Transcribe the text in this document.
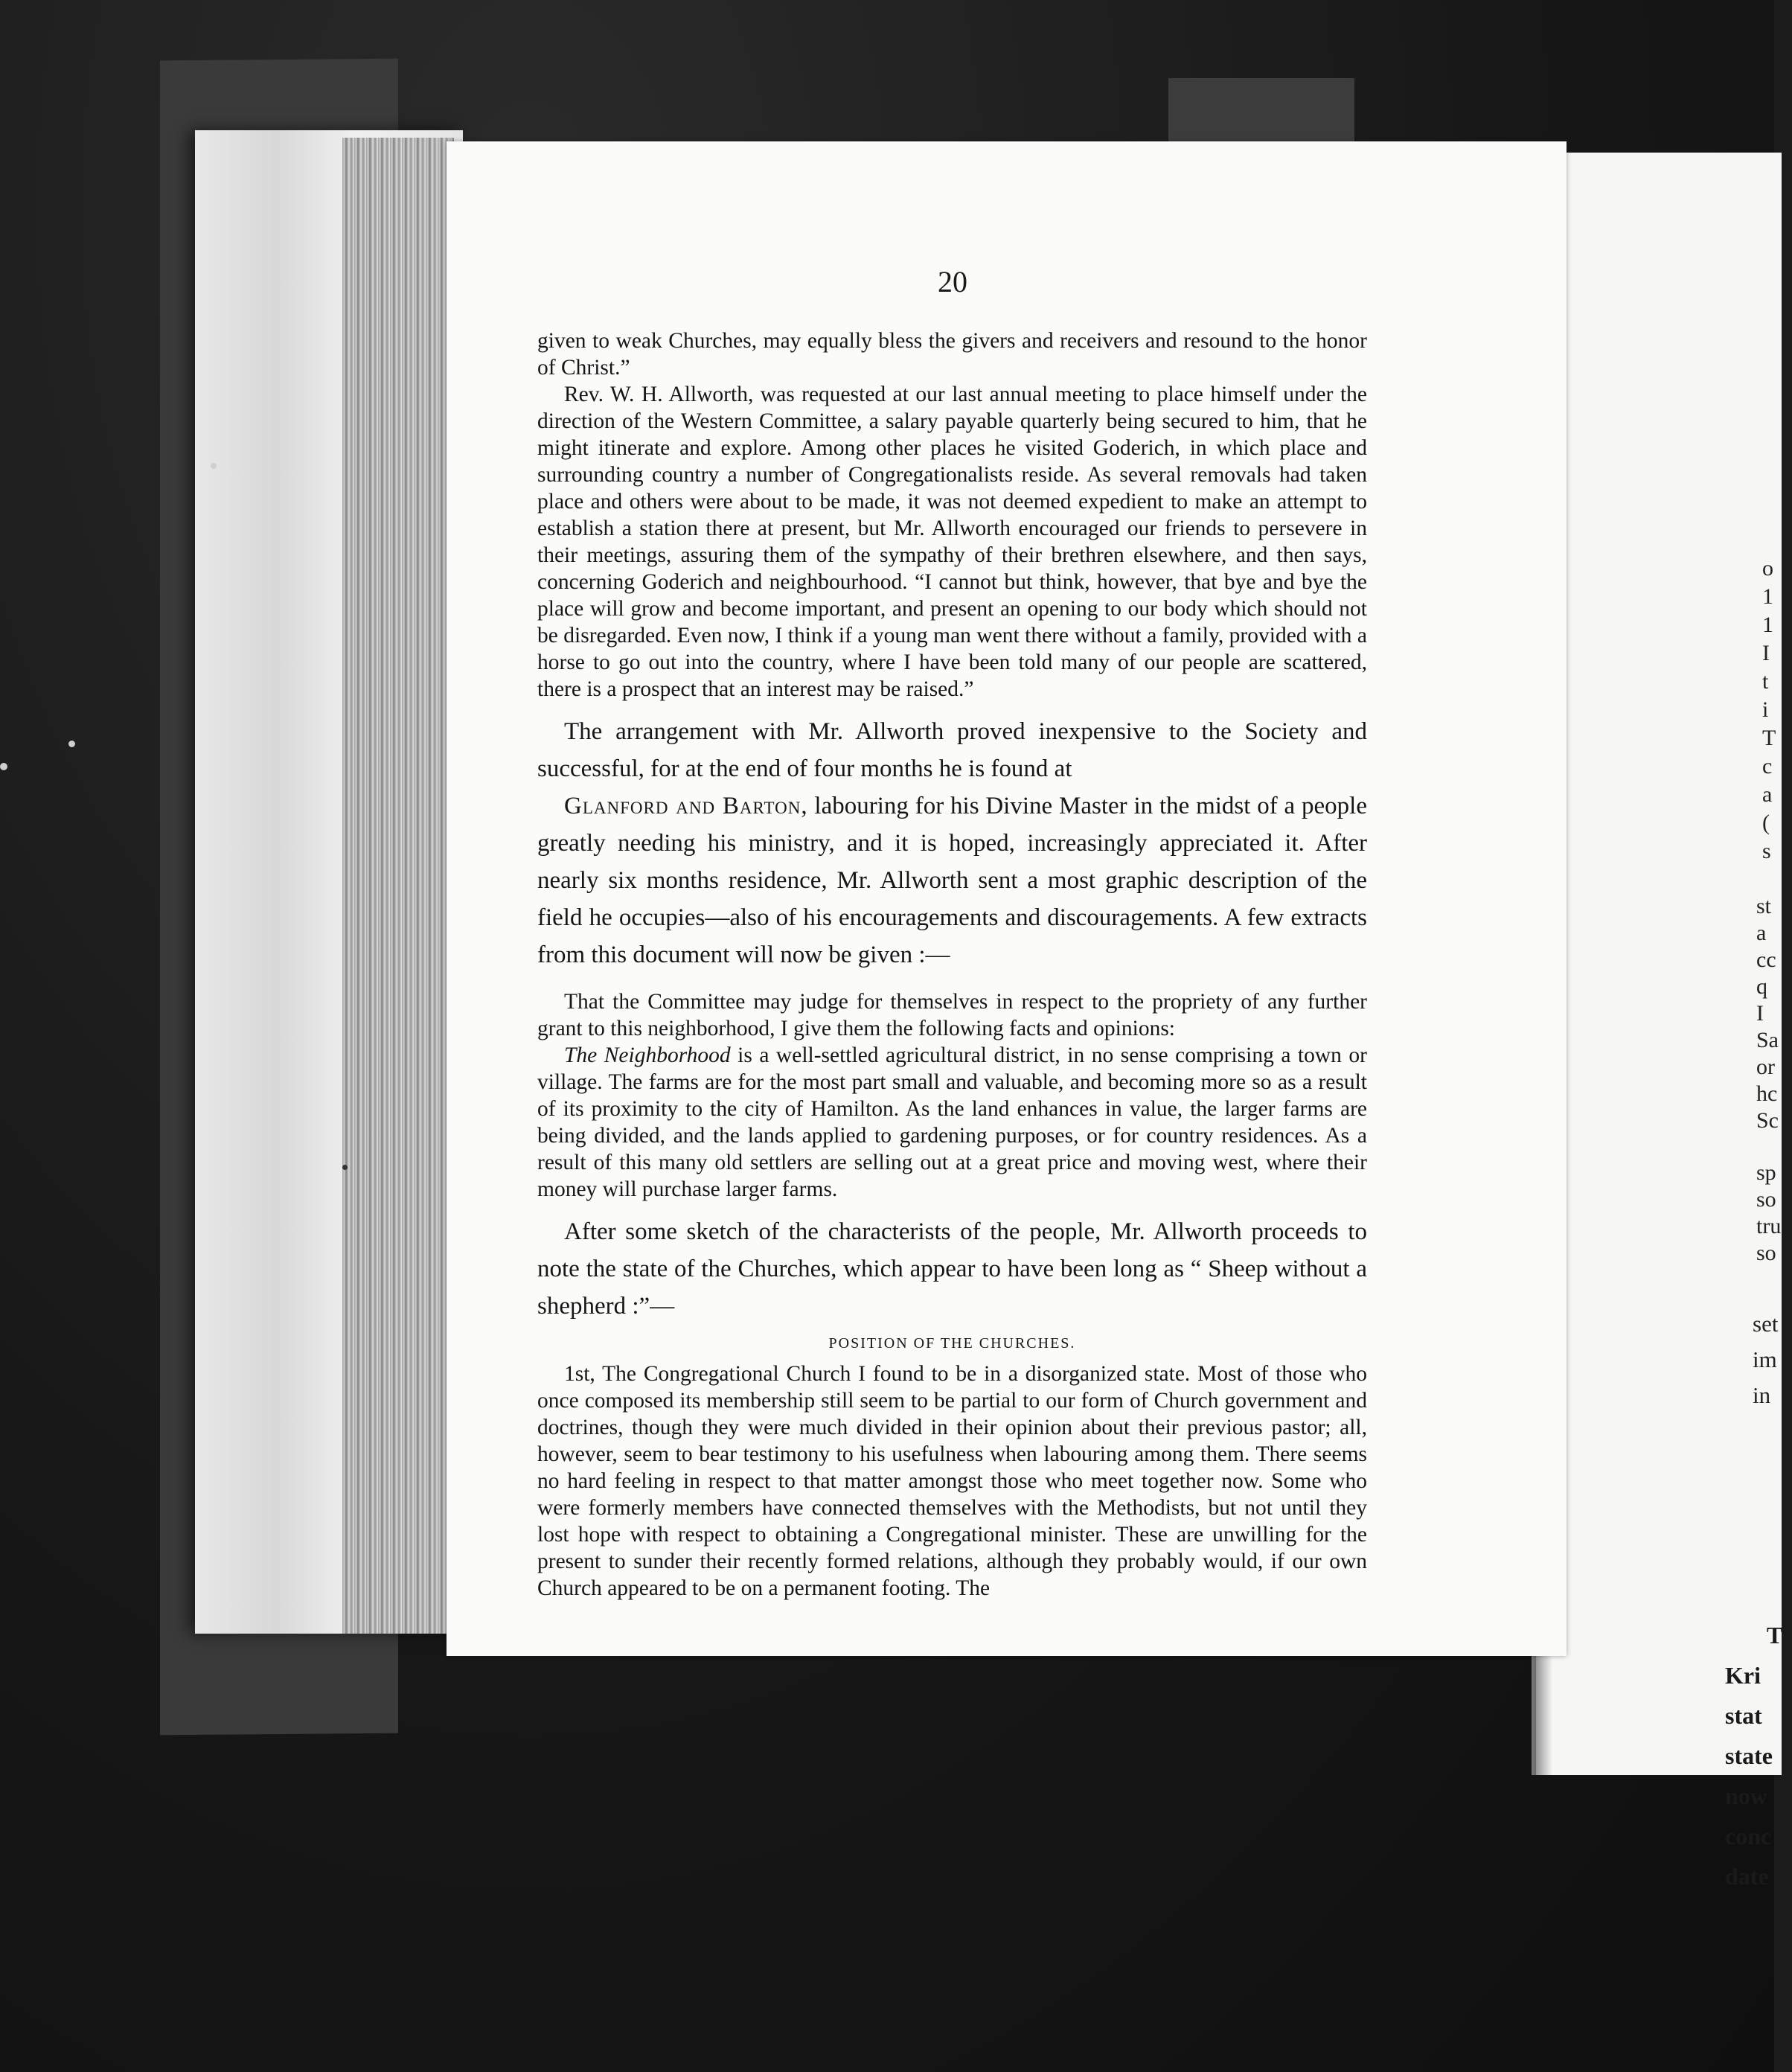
o
1
1
I
t
i
T
c
a
(
s
st
a
cc
q
I
Sa
or
hc
Sc
sp
so
tru
so
set
im
in
T
Kri
stat
state
now
conc
date
20

given to weak Churches, may equally bless the givers and receivers and resound to the honor of Christ.”

Rev. W. H. Allworth, was requested at our last annual meeting to place himself under the direction of the Western Committee, a salary payable quarterly being secured to him, that he might itinerate and explore. Among other places he visited Goderich, in which place and surrounding country a number of Congregationalists reside. As several removals had taken place and others were about to be made, it was not deemed expedient to make an attempt to establish a station there at present, but Mr. Allworth encouraged our friends to persevere in their meetings, assuring them of the sympathy of their brethren elsewhere, and then says, concerning Goderich and neighbourhood. “I cannot but think, however, that bye and bye the place will grow and become important, and present an opening to our body which should not be disregarded. Even now, I think if a young man went there without a family, provided with a horse to go out into the country, where I have been told many of our people are scattered, there is a prospect that an interest may be raised.”

The arrangement with Mr. Allworth proved inexpensive to the Society and successful, for at the end of four months he is found at

Glanford and Barton, labouring for his Divine Master in the midst of a people greatly needing his ministry, and it is hoped, increasingly appreciated it. After nearly six months residence, Mr. Allworth sent a most graphic description of the field he occupies—also of his encouragements and discouragements. A few extracts from this document will now be given :—

That the Committee may judge for themselves in respect to the propriety of any further grant to this neighborhood, I give them the following facts and opinions:

The Neighborhood is a well-settled agricultural district, in no sense comprising a town or village. The farms are for the most part small and valuable, and becoming more so as a result of its proximity to the city of Hamilton. As the land enhances in value, the larger farms are being divided, and the lands applied to gardening purposes, or for country residences. As a result of this many old settlers are selling out at a great price and moving west, where their money will purchase larger farms.

After some sketch of the characterists of the people, Mr. Allworth proceeds to note the state of the Churches, which appear to have been long as “ Sheep without a shepherd :”—

POSITION OF THE CHURCHES.

1st, The Congregational Church I found to be in a disorganized state. Most of those who once composed its membership still seem to be partial to our form of Church government and doctrines, though they were much divided in their opinion about their previous pastor; all, however, seem to bear testimony to his usefulness when labouring among them. There seems no hard feeling in respect to that matter amongst those who meet together now. Some who were formerly members have connected themselves with the Methodists, but not until they lost hope with respect to obtaining a Congregational minister. These are unwilling for the present to sunder their recently formed relations, although they probably would, if our own Church appeared to be on a permanent footing. The
